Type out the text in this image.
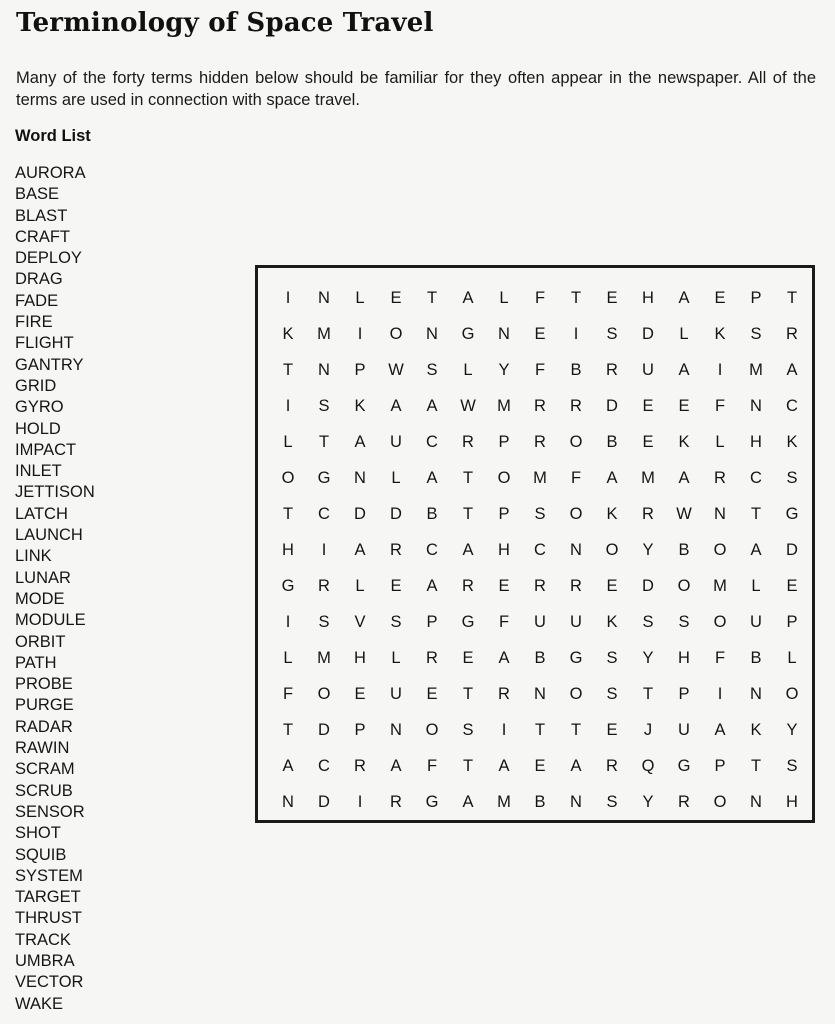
Terminology of Space Travel

Many of the forty terms hidden below should be familiar for they often appear in the newspaper. All of the terms are used in connection with space travel.

Word List
AURORA
BASE
BLAST
CRAFT
DEPLOY
DRAG
FADE
FIRE
FLIGHT
GANTRY
GRID
GYRO
HOLD
IMPACT
INLET
JETTISON
LATCH
LAUNCH
LINK
LUNAR
MODE
MODULE
ORBIT
PATH
PROBE
PURGE
RADAR
RAWIN
SCRAM
SCRUB
SENSOR
SHOT
SQUIB
SYSTEM
TARGET
THRUST
TRACK
UMBRA
VECTOR
WAKE
I	N	L	E	T	A	L	F	T	E	H	A	E	P	T
K	M	I	O	N	G	N	E	I	S	D	L	K	S	R
T	N	P	W	S	L	Y	F	B	R	U	A	I	M	A
I	S	K	A	A	W	M	R	R	D	E	E	F	N	C
L	T	A	U	C	R	P	R	O	B	E	K	L	H	K
O	G	N	L	A	T	O	M	F	A	M	A	R	C	S
T	C	D	D	B	T	P	S	O	K	R	W	N	T	G
H	I	A	R	C	A	H	C	N	O	Y	B	O	A	D
G	R	L	E	A	R	E	R	R	E	D	O	M	L	E
I	S	V	S	P	G	F	U	U	K	S	S	O	U	P
L	M	H	L	R	E	A	B	G	S	Y	H	F	B	L
F	O	E	U	E	T	R	N	O	S	T	P	I	N	O
T	D	P	N	O	S	I	T	T	E	J	U	A	K	Y
A	C	R	A	F	T	A	E	A	R	Q	G	P	T	S
N	D	I	R	G	A	M	B	N	S	Y	R	O	N	H
